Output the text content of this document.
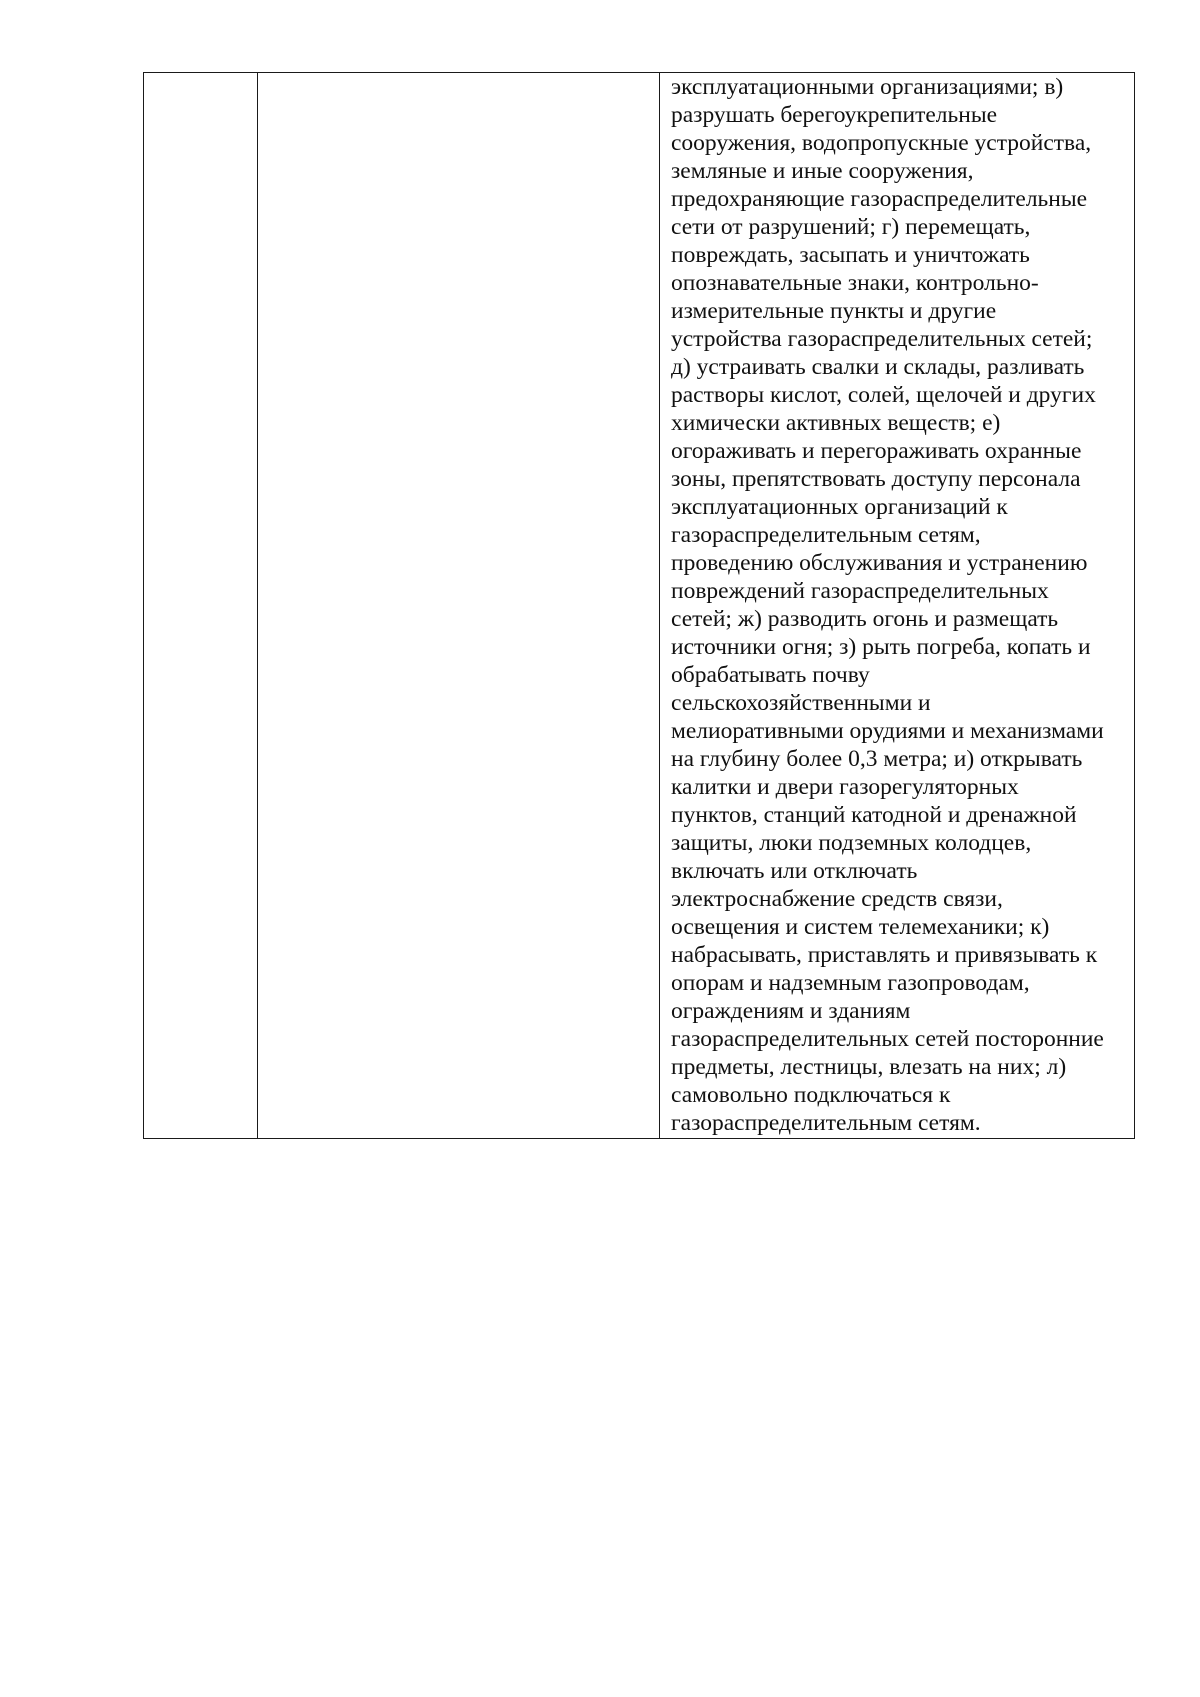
эксплуатационными организациями; в)
разрушать берегоукрепительные
сооружения, водопропускные устройства,
земляные и иные сооружения,
предохраняющие газораспределительные
сети от разрушений; г) перемещать,
повреждать, засыпать и уничтожать
опознавательные знаки, контрольно-
измерительные пункты и другие
устройства газораспределительных сетей;
д) устраивать свалки и склады, разливать
растворы кислот, солей, щелочей и других
химически активных веществ; е)
огораживать и перегораживать охранные
зоны, препятствовать доступу персонала
эксплуатационных организаций к
газораспределительным сетям,
проведению обслуживания и устранению
повреждений газораспределительных
сетей; ж) разводить огонь и размещать
источники огня; з) рыть погреба, копать и
обрабатывать почву
сельскохозяйственными и
мелиоративными орудиями и механизмами
на глубину более 0,3 метра; и) открывать
калитки и двери газорегуляторных
пунктов, станций катодной и дренажной
защиты, люки подземных колодцев,
включать или отключать
электроснабжение средств связи,
освещения и систем телемеханики; к)
набрасывать, приставлять и привязывать к
опорам и надземным газопроводам,
ограждениям и зданиям
газораспределительных сетей посторонние
предметы, лестницы, влезать на них; л)
самовольно подключаться к
газораспределительным сетям.
